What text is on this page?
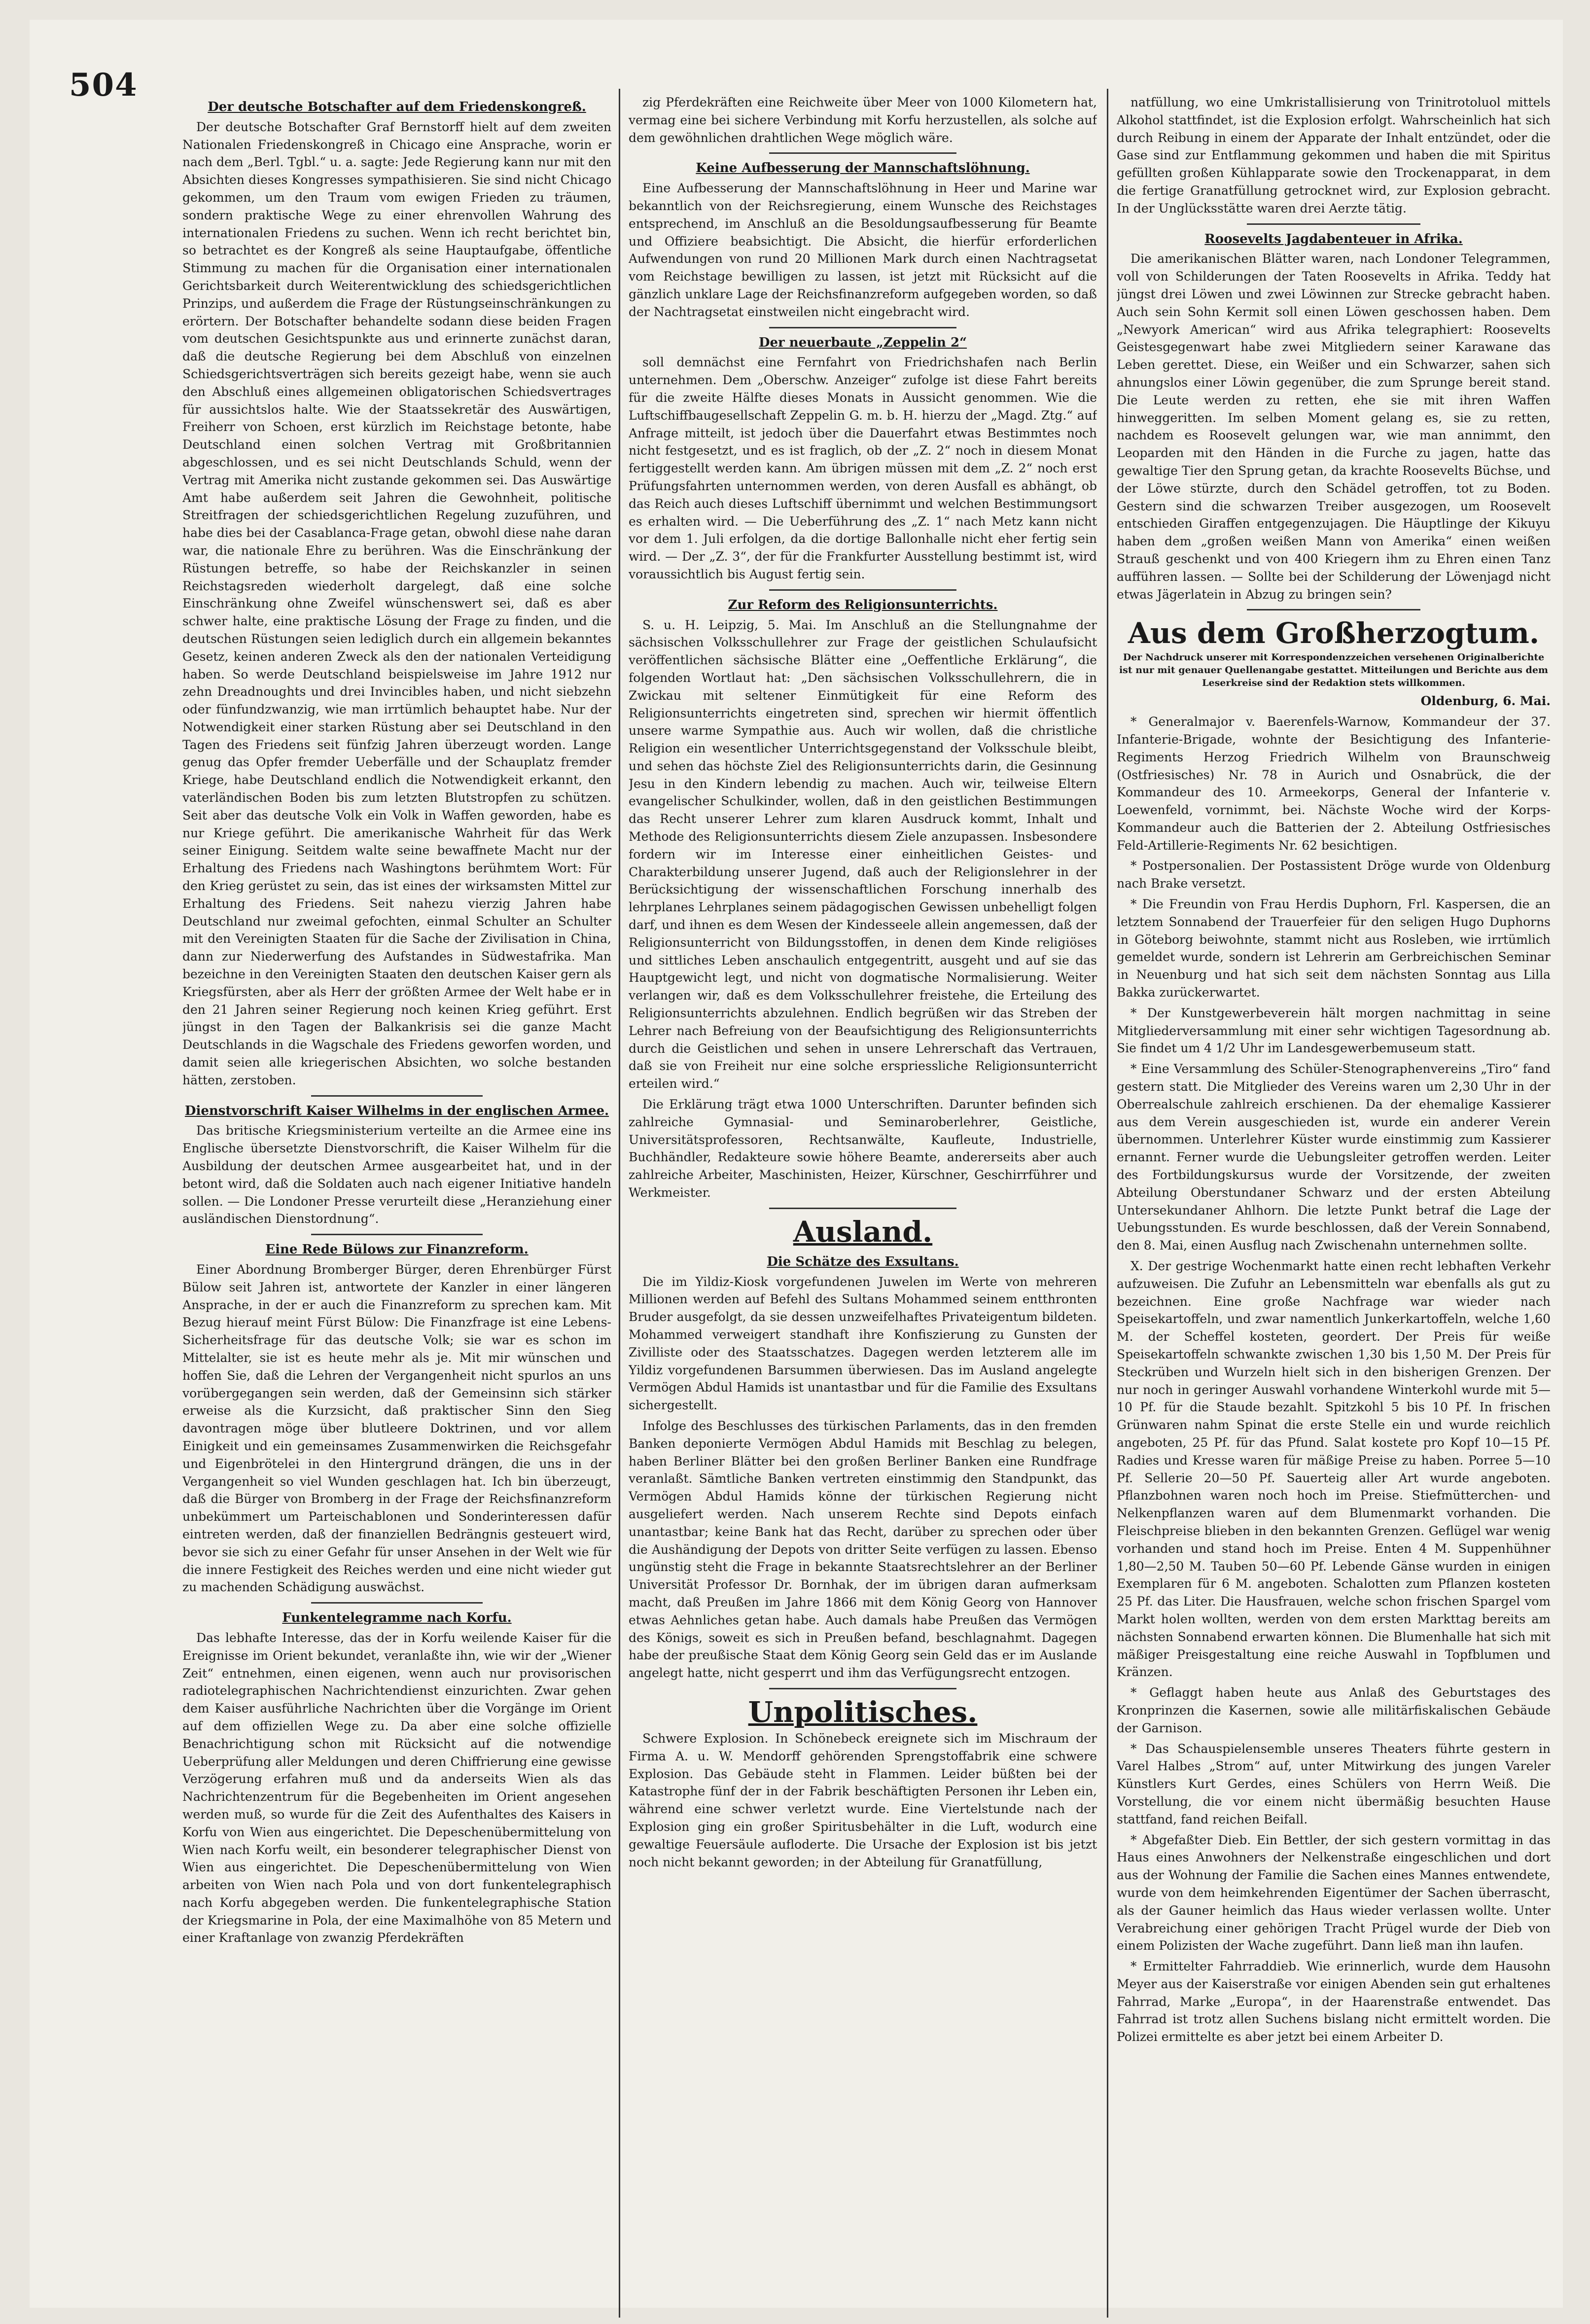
504
Der deutsche Botschafter auf dem Friedenskongreß.

Der deutsche Botschafter Graf Bernstorff hielt auf dem zweiten Nationalen Friedenskongreß in Chicago eine Ansprache, worin er nach dem „Berl. Tgbl.“ u. a. sagte: Jede Regierung kann nur mit den Absichten dieses Kongresses sympathisieren. Sie sind nicht Chicago gekommen, um den Traum vom ewigen Frieden zu träumen, sondern praktische Wege zu einer ehrenvollen Wahrung des internationalen Friedens zu suchen. Wenn ich recht berichtet bin, so betrachtet es der Kongreß als seine Hauptaufgabe, öffentliche Stimmung zu machen für die Organisation einer internationalen Gerichtsbarkeit durch Weiterentwicklung des schiedsgerichtlichen Prinzips, und außerdem die Frage der Rüstungseinschränkungen zu erörtern. Der Botschafter behandelte sodann diese beiden Fragen vom deutschen Gesichtspunkte aus und erinnerte zunächst daran, daß die deutsche Regierung bei dem Abschluß von einzelnen Schiedsgerichtsverträgen sich bereits gezeigt habe, wenn sie auch den Abschluß eines allgemeinen obligatorischen Schiedsvertrages für aussichtslos halte. Wie der Staatssekretär des Auswärtigen, Freiherr von Schoen, erst kürzlich im Reichstage betonte, habe Deutschland einen solchen Vertrag mit Großbritannien abgeschlossen, und es sei nicht Deutschlands Schuld, wenn der Vertrag mit Amerika nicht zustande gekommen sei. Das Auswärtige Amt habe außerdem seit Jahren die Gewohnheit, politische Streitfragen der schiedsgerichtlichen Regelung zuzuführen, und habe dies bei der Casablanca-Frage getan, obwohl diese nahe daran war, die nationale Ehre zu berühren. Was die Einschränkung der Rüstungen betreffe, so habe der Reichskanzler in seinen Reichstagsreden wiederholt dargelegt, daß eine solche Einschränkung ohne Zweifel wünschenswert sei, daß es aber schwer halte, eine praktische Lösung der Frage zu finden, und die deutschen Rüstungen seien lediglich durch ein allgemein bekanntes Gesetz, keinen anderen Zweck als den der nationalen Verteidigung haben. So werde Deutschland beispielsweise im Jahre 1912 nur zehn Dreadnoughts und drei Invincibles haben, und nicht siebzehn oder fünfundzwanzig, wie man irrtümlich behauptet habe. Nur der Notwendigkeit einer starken Rüstung aber sei Deutschland in den Tagen des Friedens seit fünfzig Jahren überzeugt worden. Lange genug das Opfer fremder Ueberfälle und der Schauplatz fremder Kriege, habe Deutschland endlich die Notwendigkeit erkannt, den vaterländischen Boden bis zum letzten Blutstropfen zu schützen. Seit aber das deutsche Volk ein Volk in Waffen geworden, habe es nur Kriege geführt. Die amerikanische Wahrheit für das Werk seiner Einigung. Seitdem walte seine bewaffnete Macht nur der Erhaltung des Friedens nach Washingtons berühmtem Wort: Für den Krieg gerüstet zu sein, das ist eines der wirksamsten Mittel zur Erhaltung des Friedens. Seit nahezu vierzig Jahren habe Deutschland nur zweimal gefochten, einmal Schulter an Schulter mit den Vereinigten Staaten für die Sache der Zivilisation in China, dann zur Niederwerfung des Aufstandes in Südwestafrika. Man bezeichne in den Vereinigten Staaten den deutschen Kaiser gern als Kriegsfürsten, aber als Herr der größten Armee der Welt habe er in den 21 Jahren seiner Regierung noch keinen Krieg geführt. Erst jüngst in den Tagen der Balkankrisis sei die ganze Macht Deutschlands in die Wagschale des Friedens geworfen worden, und damit seien alle kriegerischen Absichten, wo solche bestanden hätten, zerstoben.

Dienstvorschrift Kaiser Wilhelms in der englischen Armee.

Das britische Kriegsministerium verteilte an die Armee eine ins Englische übersetzte Dienstvorschrift, die Kaiser Wilhelm für die Ausbildung der deutschen Armee ausgearbeitet hat, und in der betont wird, daß die Soldaten auch nach eigener Initiative handeln sollen. — Die Londoner Presse verurteilt diese „Heranziehung einer ausländischen Dienstordnung“.

Eine Rede Bülows zur Finanzreform.

Einer Abordnung Bromberger Bürger, deren Ehrenbürger Fürst Bülow seit Jahren ist, antwortete der Kanzler in einer längeren Ansprache, in der er auch die Finanzreform zu sprechen kam. Mit Bezug hierauf meint Fürst Bülow: Die Finanzfrage ist eine Lebens-Sicherheitsfrage für das deutsche Volk; sie war es schon im Mittelalter, sie ist es heute mehr als je. Mit mir wünschen und hoffen Sie, daß die Lehren der Vergangenheit nicht spurlos an uns vorübergegangen sein werden, daß der Gemeinsinn sich stärker erweise als die Kurzsicht, daß praktischer Sinn den Sieg davontragen möge über blutleere Doktrinen, und vor allem Einigkeit und ein gemeinsames Zusammenwirken die Reichsgefahr und Eigenbrötelei in den Hintergrund drängen, die uns in der Vergangenheit so viel Wunden geschlagen hat. Ich bin überzeugt, daß die Bürger von Bromberg in der Frage der Reichsfinanzreform unbekümmert um Parteischablonen und Sonderinteressen dafür eintreten werden, daß der finanziellen Bedrängnis gesteuert wird, bevor sie sich zu einer Gefahr für unser Ansehen in der Welt wie für die innere Festigkeit des Reiches werden und eine nicht wieder gut zu machenden Schädigung auswächst.

Funkentelegramme nach Korfu.

Das lebhafte Interesse, das der in Korfu weilende Kaiser für die Ereignisse im Orient bekundet, veranlaßte ihn, wie wir der „Wiener Zeit“ entnehmen, einen eigenen, wenn auch nur provisorischen radiotelegraphischen Nachrichtendienst einzurichten. Zwar gehen dem Kaiser ausführliche Nachrichten über die Vorgänge im Orient auf dem offiziellen Wege zu. Da aber eine solche offizielle Benachrichtigung schon mit Rücksicht auf die notwendige Ueberprüfung aller Meldungen und deren Chiffrierung eine gewisse Verzögerung erfahren muß und da anderseits Wien als das Nachrichtenzentrum für die Begebenheiten im Orient angesehen werden muß, so wurde für die Zeit des Aufenthaltes des Kaisers in Korfu von Wien aus eingerichtet. Die Depeschenübermittelung von Wien nach Korfu weilt, ein besonderer telegraphischer Dienst von Wien aus eingerichtet. Die Depeschenübermittelung von Wien arbeiten von Wien nach Pola und von dort funkentelegraphisch nach Korfu abgegeben werden. Die funkentelegraphische Station der Kriegsmarine in Pola, der eine Maximalhöhe von 85 Metern und einer Kraftanlage von zwanzig Pferdekräften

zig Pferdekräften eine Reichweite über Meer von 1000 Kilometern hat, vermag eine bei sichere Verbindung mit Korfu herzustellen, als solche auf dem gewöhnlichen drahtlichen Wege möglich wäre.

Keine Aufbesserung der Mannschaftslöhnung.

Eine Aufbesserung der Mannschaftslöhnung in Heer und Marine war bekanntlich von der Reichsregierung, einem Wunsche des Reichstages entsprechend, im Anschluß an die Besoldungsaufbesserung für Beamte und Offiziere beabsichtigt. Die Absicht, die hierfür erforderlichen Aufwendungen von rund 20 Millionen Mark durch einen Nachtragsetat vom Reichstage bewilligen zu lassen, ist jetzt mit Rücksicht auf die gänzlich unklare Lage der Reichsfinanzreform aufgegeben worden, so daß der Nachtragsetat einstweilen nicht eingebracht wird.

Der neuerbaute „Zeppelin 2“

soll demnächst eine Fernfahrt von Friedrichshafen nach Berlin unternehmen. Dem „Oberschw. Anzeiger“ zufolge ist diese Fahrt bereits für die zweite Hälfte dieses Monats in Aussicht genommen. Wie die Luftschiffbaugesellschaft Zeppelin G. m. b. H. hierzu der „Magd. Ztg.“ auf Anfrage mitteilt, ist jedoch über die Dauerfahrt etwas Bestimmtes noch nicht festgesetzt, und es ist fraglich, ob der „Z. 2“ noch in diesem Monat fertiggestellt werden kann. Am übrigen müssen mit dem „Z. 2“ noch erst Prüfungsfahrten unternommen werden, von deren Ausfall es abhängt, ob das Reich auch dieses Luftschiff übernimmt und welchen Bestimmungsort es erhalten wird. — Die Ueberführung des „Z. 1“ nach Metz kann nicht vor dem 1. Juli erfolgen, da die dortige Ballonhalle nicht eher fertig sein wird. — Der „Z. 3“, der für die Frankfurter Ausstellung bestimmt ist, wird voraussichtlich bis August fertig sein.

Zur Reform des Religionsunterrichts.

S. u. H. Leipzig, 5. Mai. Im Anschluß an die Stellungnahme der sächsischen Volksschullehrer zur Frage der geistlichen Schulaufsicht veröffentlichen sächsische Blätter eine „Oeffentliche Erklärung“, die folgenden Wortlaut hat: „Den sächsischen Volksschullehrern, die in Zwickau mit seltener Einmütigkeit für eine Reform des Religionsunterrichts eingetreten sind, sprechen wir hiermit öffentlich unsere warme Sympathie aus. Auch wir wollen, daß die christliche Religion ein wesentlicher Unterrichtsgegenstand der Volksschule bleibt, und sehen das höchste Ziel des Religionsunterrichts darin, die Gesinnung Jesu in den Kindern lebendig zu machen. Auch wir, teilweise Eltern evangelischer Schulkinder, wollen, daß in den geistlichen Bestimmungen das Recht unserer Lehrer zum klaren Ausdruck kommt, Inhalt und Methode des Religionsunterrichts diesem Ziele anzupassen. Insbesondere fordern wir im Interesse einer einheitlichen Geistes- und Charakterbildung unserer Jugend, daß auch der Religionslehrer in der Berücksichtigung der wissenschaftlichen Forschung innerhalb des lehrplanes Lehrplanes seinem pädagogischen Gewissen unbehelligt folgen darf, und ihnen es dem Wesen der Kindesseele allein angemessen, daß der Religionsunterricht von Bildungsstoffen, in denen dem Kinde religiöses und sittliches Leben anschaulich entgegentritt, ausgeht und auf sie das Hauptgewicht legt, und nicht von dogmatische Normalisierung. Weiter verlangen wir, daß es dem Volksschullehrer freistehe, die Erteilung des Religionsunterrichts abzulehnen. Endlich begrüßen wir das Streben der Lehrer nach Befreiung von der Beaufsichtigung des Religionsunterrichts durch die Geistlichen und sehen in unsere Lehrerschaft das Vertrauen, daß sie von Freiheit nur eine solche erspriessliche Religionsunterricht erteilen wird.“

Die Erklärung trägt etwa 1000 Unterschriften. Darunter befinden sich zahlreiche Gymnasial- und Seminaroberlehrer, Geistliche, Universitätsprofessoren, Rechtsanwälte, Kaufleute, Industrielle, Buchhändler, Redakteure sowie höhere Beamte, andererseits aber auch zahlreiche Arbeiter, Maschinisten, Heizer, Kürschner, Geschirrführer und Werkmeister.

Ausland.
Die Schätze des Exsultans.

Die im Yildiz-Kiosk vorgefundenen Juwelen im Werte von mehreren Millionen werden auf Befehl des Sultans Mohammed seinem entthronten Bruder ausgefolgt, da sie dessen unzweifelhaftes Privateigentum bildeten. Mohammed verweigert standhaft ihre Konfiszierung zu Gunsten der Zivilliste oder des Staatsschatzes. Dagegen werden letzterem alle im Yildiz vorgefundenen Barsummen überwiesen. Das im Ausland angelegte Vermögen Abdul Hamids ist unantastbar und für die Familie des Exsultans sichergestellt.

Infolge des Beschlusses des türkischen Parlaments, das in den fremden Banken deponierte Vermögen Abdul Hamids mit Beschlag zu belegen, haben Berliner Blätter bei den großen Berliner Banken eine Rundfrage veranlaßt. Sämtliche Banken vertreten einstimmig den Standpunkt, das Vermögen Abdul Hamids könne der türkischen Regierung nicht ausgeliefert werden. Nach unserem Rechte sind Depots einfach unantastbar; keine Bank hat das Recht, darüber zu sprechen oder über die Aushändigung der Depots von dritter Seite verfügen zu lassen. Ebenso ungünstig steht die Frage in bekannte Staatsrechtslehrer an der Berliner Universität Professor Dr. Bornhak, der im übrigen daran aufmerksam macht, daß Preußen im Jahre 1866 mit dem König Georg von Hannover etwas Aehnliches getan habe. Auch damals habe Preußen das Vermögen des Königs, soweit es sich in Preußen befand, beschlagnahmt. Dagegen habe der preußische Staat dem König Georg sein Geld das er im Auslande angelegt hatte, nicht gesperrt und ihm das Verfügungsrecht entzogen.

Unpolitisches.

Schwere Explosion. In Schönebeck ereignete sich im Mischraum der Firma A. u. W. Mendorff gehörenden Sprengstoffabrik eine schwere Explosion. Das Gebäude steht in Flammen. Leider büßten bei der Katastrophe fünf der in der Fabrik beschäftigten Personen ihr Leben ein, während eine schwer verletzt wurde. Eine Viertelstunde nach der Explosion ging ein großer Spiritusbehälter in die Luft, wodurch eine gewaltige Feuersäule aufloderte. Die Ursache der Explosion ist bis jetzt noch nicht bekannt geworden; in der Abteilung für Granatfüllung,

natfüllung, wo eine Umkristallisierung von Trinitrotoluol mittels Alkohol stattfindet, ist die Explosion erfolgt. Wahrscheinlich hat sich durch Reibung in einem der Apparate der Inhalt entzündet, oder die Gase sind zur Entflammung gekommen und haben die mit Spiritus gefüllten großen Kühlapparate sowie den Trockenapparat, in dem die fertige Granatfüllung getrocknet wird, zur Explosion gebracht. In der Unglücksstätte waren drei Aerzte tätig.

Roosevelts Jagdabenteuer in Afrika.

Die amerikanischen Blätter waren, nach Londoner Telegrammen, voll von Schilderungen der Taten Roosevelts in Afrika. Teddy hat jüngst drei Löwen und zwei Löwinnen zur Strecke gebracht haben. Auch sein Sohn Kermit soll einen Löwen geschossen haben. Dem „Newyork American“ wird aus Afrika telegraphiert: Roosevelts Geistesgegenwart habe zwei Mitgliedern seiner Karawane das Leben gerettet. Diese, ein Weißer und ein Schwarzer, sahen sich ahnungslos einer Löwin gegenüber, die zum Sprunge bereit stand. Die Leute werden zu retten, ehe sie mit ihren Waffen hinweggeritten. Im selben Moment gelang es, sie zu retten, nachdem es Roosevelt gelungen war, wie man annimmt, den Leoparden mit den Händen in die Furche zu jagen, hatte das gewaltige Tier den Sprung getan, da krachte Roosevelts Büchse, und der Löwe stürzte, durch den Schädel getroffen, tot zu Boden. Gestern sind die schwarzen Treiber ausgezogen, um Roosevelt entschieden Giraffen entgegenzujagen. Die Häuptlinge der Kikuyu haben dem „großen weißen Mann von Amerika“ einen weißen Strauß geschenkt und von 400 Kriegern ihm zu Ehren einen Tanz aufführen lassen. — Sollte bei der Schilderung der Löwenjagd nicht etwas Jägerlatein in Abzug zu bringen sein?

Aus dem Großherzogtum.
Der Nachdruck unserer mit Korrespondenzzeichen versehenen Originalberichte ist nur mit genauer Quellenangabe gestattet. Mitteilungen und Berichte aus dem Leserkreise sind der Redaktion stets willkommen.
Oldenburg, 6. Mai.

* Generalmajor v. Baerenfels-Warnow, Kommandeur der 37. Infanterie-Brigade, wohnte der Besichtigung des Infanterie-Regiments Herzog Friedrich Wilhelm von Braunschweig (Ostfriesisches) Nr. 78 in Aurich und Osnabrück, die der Kommandeur des 10. Armeekorps, General der Infanterie v. Loewenfeld, vornimmt, bei. Nächste Woche wird der Korps-Kommandeur auch die Batterien der 2. Abteilung Ostfriesisches Feld-Artillerie-Regiments Nr. 62 besichtigen.

* Postpersonalien. Der Postassistent Dröge wurde von Oldenburg nach Brake versetzt.

* Die Freundin von Frau Herdis Duphorn, Frl. Kaspersen, die an letztem Sonnabend der Trauerfeier für den seligen Hugo Duphorns in Göteborg beiwohnte, stammt nicht aus Rosleben, wie irrtümlich gemeldet wurde, sondern ist Lehrerin am Gerbreichischen Seminar in Neuenburg und hat sich seit dem nächsten Sonntag aus Lilla Bakka zurückerwartet.

* Der Kunstgewerbeverein hält morgen nachmittag in seine Mitgliederversammlung mit einer sehr wichtigen Tagesordnung ab. Sie findet um 4 1/2 Uhr im Landesgewerbemuseum statt.

* Eine Versammlung des Schüler-Stenographenvereins „Tiro“ fand gestern statt. Die Mitglieder des Vereins waren um 2,30 Uhr in der Oberrealschule zahlreich erschienen. Da der ehemalige Kassierer aus dem Verein ausgeschieden ist, wurde ein anderer Verein übernommen. Unterlehrer Küster wurde einstimmig zum Kassierer ernannt. Ferner wurde die Uebungsleiter getroffen werden. Leiter des Fortbildungskursus wurde der Vorsitzende, der zweiten Abteilung Oberstundaner Schwarz und der ersten Abteilung Untersekundaner Ahlhorn. Die letzte Punkt betraf die Lage der Uebungsstunden. Es wurde beschlossen, daß der Verein Sonnabend, den 8. Mai, einen Ausflug nach Zwischenahn unternehmen sollte.

X. Der gestrige Wochenmarkt hatte einen recht lebhaften Verkehr aufzuweisen. Die Zufuhr an Lebensmitteln war ebenfalls als gut zu bezeichnen. Eine große Nachfrage war wieder nach Speisekartoffeln, und zwar namentlich Junkerkartoffeln, welche 1,60 M. der Scheffel kosteten, geordert. Der Preis für weiße Speisekartoffeln schwankte zwischen 1,30 bis 1,50 M. Der Preis für Steckrüben und Wurzeln hielt sich in den bisherigen Grenzen. Der nur noch in geringer Auswahl vorhandene Winterkohl wurde mit 5—10 Pf. für die Staude bezahlt. Spitzkohl 5 bis 10 Pf. In frischen Grünwaren nahm Spinat die erste Stelle ein und wurde reichlich angeboten, 25 Pf. für das Pfund. Salat kostete pro Kopf 10—15 Pf. Radies und Kresse waren für mäßige Preise zu haben. Porree 5—10 Pf. Sellerie 20—50 Pf. Sauerteig aller Art wurde angeboten. Pflanzbohnen waren noch hoch im Preise. Stiefmütterchen- und Nelkenpflanzen waren auf dem Blumenmarkt vorhanden. Die Fleischpreise blieben in den bekannten Grenzen. Geflügel war wenig vorhanden und stand hoch im Preise. Enten 4 M. Suppenhühner 1,80—2,50 M. Tauben 50—60 Pf. Lebende Gänse wurden in einigen Exemplaren für 6 M. angeboten. Schalotten zum Pflanzen kosteten 25 Pf. das Liter. Die Hausfrauen, welche schon frischen Spargel vom Markt holen wollten, werden von dem ersten Markttag bereits am nächsten Sonnabend erwarten können. Die Blumenhalle hat sich mit mäßiger Preisgestaltung eine reiche Auswahl in Topfblumen und Kränzen.

* Geflaggt haben heute aus Anlaß des Geburtstages des Kronprinzen die Kasernen, sowie alle militärfiskalischen Gebäude der Garnison.

* Das Schauspielensemble unseres Theaters führte gestern in Varel Halbes „Strom“ auf, unter Mitwirkung des jungen Vareler Künstlers Kurt Gerdes, eines Schülers von Herrn Weiß. Die Vorstellung, die vor einem nicht übermäßig besuchten Hause stattfand, fand reichen Beifall.

* Abgefaßter Dieb. Ein Bettler, der sich gestern vormittag in das Haus eines Anwohners der Nelkenstraße eingeschlichen und dort aus der Wohnung der Familie die Sachen eines Mannes entwendete, wurde von dem heimkehrenden Eigentümer der Sachen überrascht, als der Gauner heimlich das Haus wieder verlassen wollte. Unter Verabreichung einer gehörigen Tracht Prügel wurde der Dieb von einem Polizisten der Wache zugeführt. Dann ließ man ihn laufen.

* Ermittelter Fahrraddieb. Wie erinnerlich, wurde dem Hausohn Meyer aus der Kaiserstraße vor einigen Abenden sein gut erhaltenes Fahrrad, Marke „Europa“, in der Haarenstraße entwendet. Das Fahrrad ist trotz allen Suchens bislang nicht ermittelt worden. Die Polizei ermittelte es aber jetzt bei einem Arbeiter D.
